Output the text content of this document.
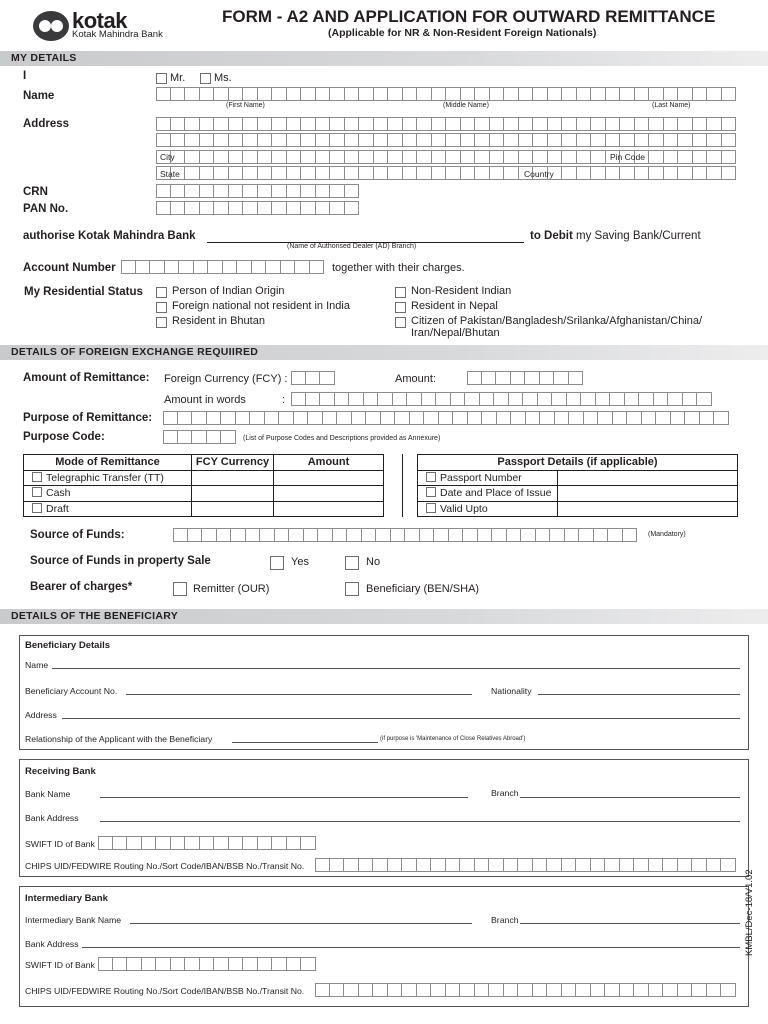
kotak
Kotak Mahindra Bank
FORM - A2 AND APPLICATION FOR OUTWARD REMITTANCE
(Applicable for NR & Non-Resident Foreign Nationals)
MY DETAILS
I	Mr.	Ms.
Name
(First Name)	(Middle Name)	(Last Name)
Address
City	Pin Code
State	Country
CRN
PAN No.
authorise Kotak Mahindra Bank
(Name of Authorised Dealer (AD) Branch)
to Debit my Saving Bank/Current
Account Number	together with their charges.
My Residential Status	Person of Indian Origin
Foreign national not resident in India
Resident in Bhutan
Non-Resident Indian
Resident in Nepal
Citizen of Pakistan/Bangladesh/Srilanka/Afghanistan/China/
Iran/Nepal/Bhutan
DETAILS OF FOREIGN EXCHANGE REQUIIRED
Amount of Remittance: Foreign Currency (FCY) :	Amount:
Amount in words	:
Purpose of Remittance:
Purpose Code:	(List of Purpose Codes and Descriptions provided as Annexure)
Mode of Remittance	FCY Currency	Amount
Telegraphic Transfer (TT)		
Cash		
Draft		
Passport Details (if applicable)	
Passport Number	
Date and Place of Issue	
Valid Upto	
Source of Funds:	(Mandatory)
Source of Funds in property Sale	Yes	No
Bearer of charges*	Remitter (OUR)	Beneficiary (BEN/SHA)
DETAILS OF THE BENEFICIARY
Beneficiary Details
Name
Beneficiary Account No.	Nationality
Address
Relationship of the Applicant with the Beneficiary	(if purpose is 'Maintenance of Close Relatives Abroad')
Receiving Bank
Bank Name	Branch
Bank Address
SWIFT ID of Bank
CHIPS UID/FEDWIRE Routing No./Sort Code/IBAN/BSB No./Transit No.
Intermediary Bank
Intermediary Bank Name	Branch
Bank Address
SWIFT ID of Bank
CHIPS UID/FEDWIRE Routing No./Sort Code/IBAN/BSB No./Transit No.
KMBL/Dec-18/V1.02
